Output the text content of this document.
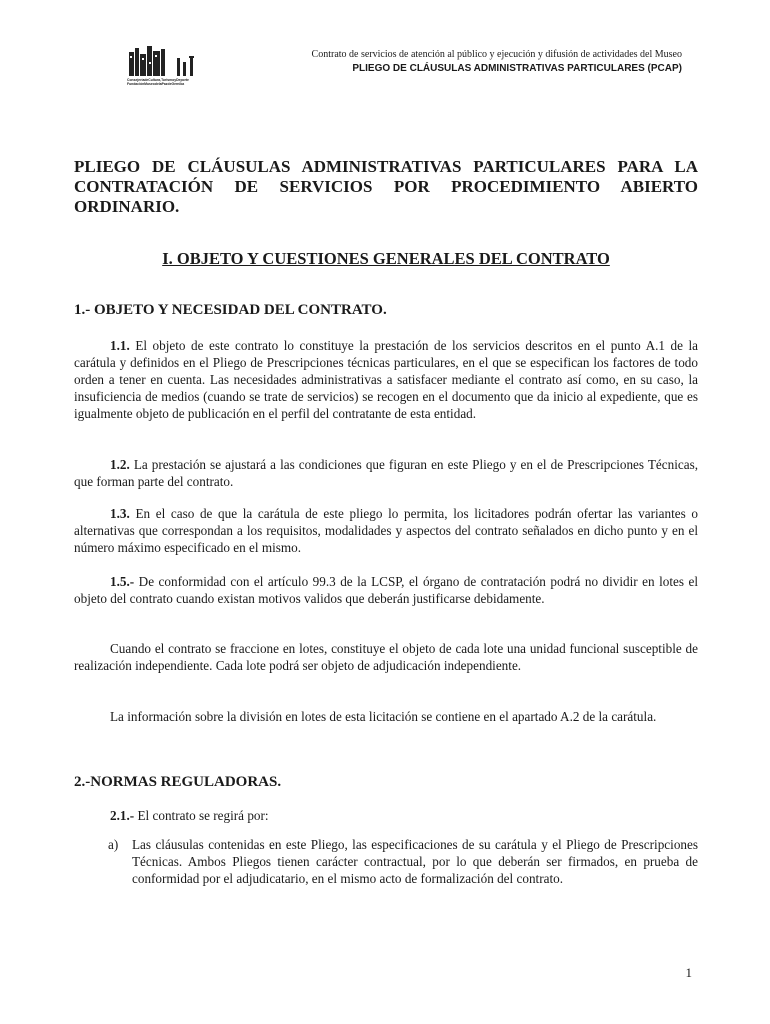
ConsejeríadeCultura,TurismoyDeporte
FundaciónMuseodelaPazdeGernika
Contrato de servicios de atención al público y ejecución y difusión de actividades del Museo
PLIEGO DE CLÁUSULAS ADMINISTRATIVAS PARTICULARES (PCAP)
PLIEGO DE CLÁUSULAS ADMINISTRATIVAS PARTICULARES PARA LA CONTRATACIÓN DE SERVICIOS POR PROCEDIMIENTO ABIERTO ORDINARIO.
I. OBJETO Y CUESTIONES GENERALES DEL CONTRATO
1.- OBJETO Y NECESIDAD DEL CONTRATO.

1.1. El objeto de este contrato lo constituye la prestación de los servicios descritos en el punto A.1 de la carátula y definidos en el Pliego de Prescripciones técnicas particulares, en el que se especifican los factores de todo orden a tener en cuenta. Las necesidades administrativas a satisfacer mediante el contrato así como, en su caso, la insuficiencia de medios (cuando se trate de servicios) se recogen en el documento que da inicio al expediente, que es igualmente objeto de publicación en el perfil del contratante de esta entidad.

1.2. La prestación se ajustará a las condiciones que figuran en este Pliego y en el de Prescripciones Técnicas, que forman parte del contrato.

1.3. En el caso de que la carátula de este pliego lo permita, los licitadores podrán ofertar las variantes o alternativas que correspondan a los requisitos, modalidades y aspectos del contrato señalados en dicho punto y en el número máximo especificado en el mismo.

1.5.- De conformidad con el artículo 99.3 de la LCSP, el órgano de contratación podrá no dividir en lotes el objeto del contrato cuando existan motivos validos que deberán justificarse debidamente.

Cuando el contrato se fraccione en lotes, constituye el objeto de cada lote una unidad funcional susceptible de realización independiente. Cada lote podrá ser objeto de adjudicación independiente.

La información sobre la división en lotes de esta licitación se contiene en el apartado A.2 de la carátula.

2.-NORMAS REGULADORAS.

2.1.- El contrato se regirá por:

a) Las cláusulas contenidas en este Pliego, las especificaciones de su carátula y el Pliego de Prescripciones Técnicas. Ambos Pliegos tienen carácter contractual, por lo que deberán ser firmados, en prueba de conformidad por el adjudicatario, en el mismo acto de formalización del contrato.
1
